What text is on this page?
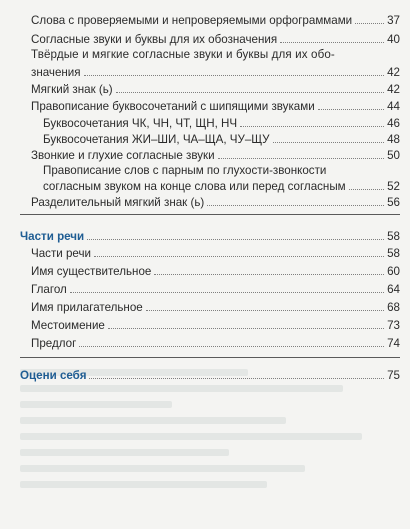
Слова с проверяемыми и непроверяемыми орфограммами	37
Согласные звуки и буквы для их обозначения	40
Твёрдые и мягкие согласные звуки и буквы для их обо-
значения	42
Мягкий знак (ь)	42
Правописание буквосочетаний с шипящими звуками	44
Буквосочетания ЧК, ЧН, ЧТ, ЩН, НЧ	46
Буквосочетания ЖИ–ШИ, ЧА–ЩА, ЧУ–ЩУ	48
Звонкие и глухие согласные звуки	50
Правописание слов с парным по глухости-звонкости
согласным звуком на конце слова или перед согласным	52
Разделительный мягкий знак (ь)	56
Части речи	58
Части речи	58
Имя существительное	60
Глагол	64
Имя прилагательное	68
Местоимение	73
Предлог	74
Оцени себя	75
